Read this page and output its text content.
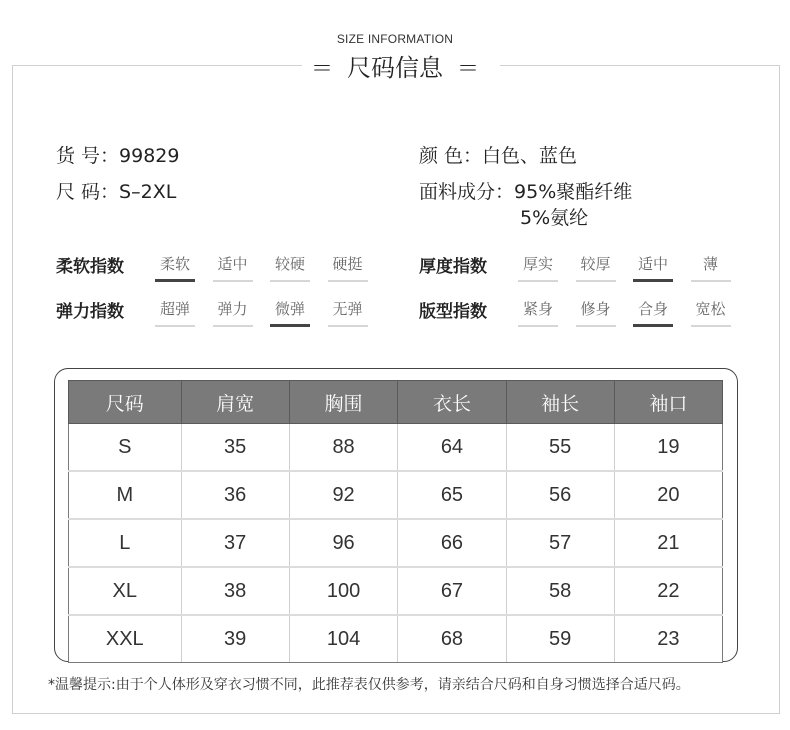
SIZE INFORMATION
＝ 尺码信息 ＝
货 号：99829
尺 码：S–2XL
颜 色：白色、蓝色
面料成分：95%聚酯纤维
5%氨纶
柔软指数	柔软	适中	较硬	硬挺
弹力指数	超弹	弹力	微弹	无弹
厚度指数	厚实	较厚	适中	薄
版型指数	紧身	修身	合身	宽松
尺码	肩宽	胸围	衣长	袖长	袖口
S	35	88	64	55	19
M	36	92	65	56	20
L	37	96	66	57	21
XL	38	100	67	58	22
XXL	39	104	68	59	23
*温馨提示:由于个人体形及穿衣习惯不同，此推荐表仅供参考，请亲结合尺码和自身习惯选择合适尺码。
